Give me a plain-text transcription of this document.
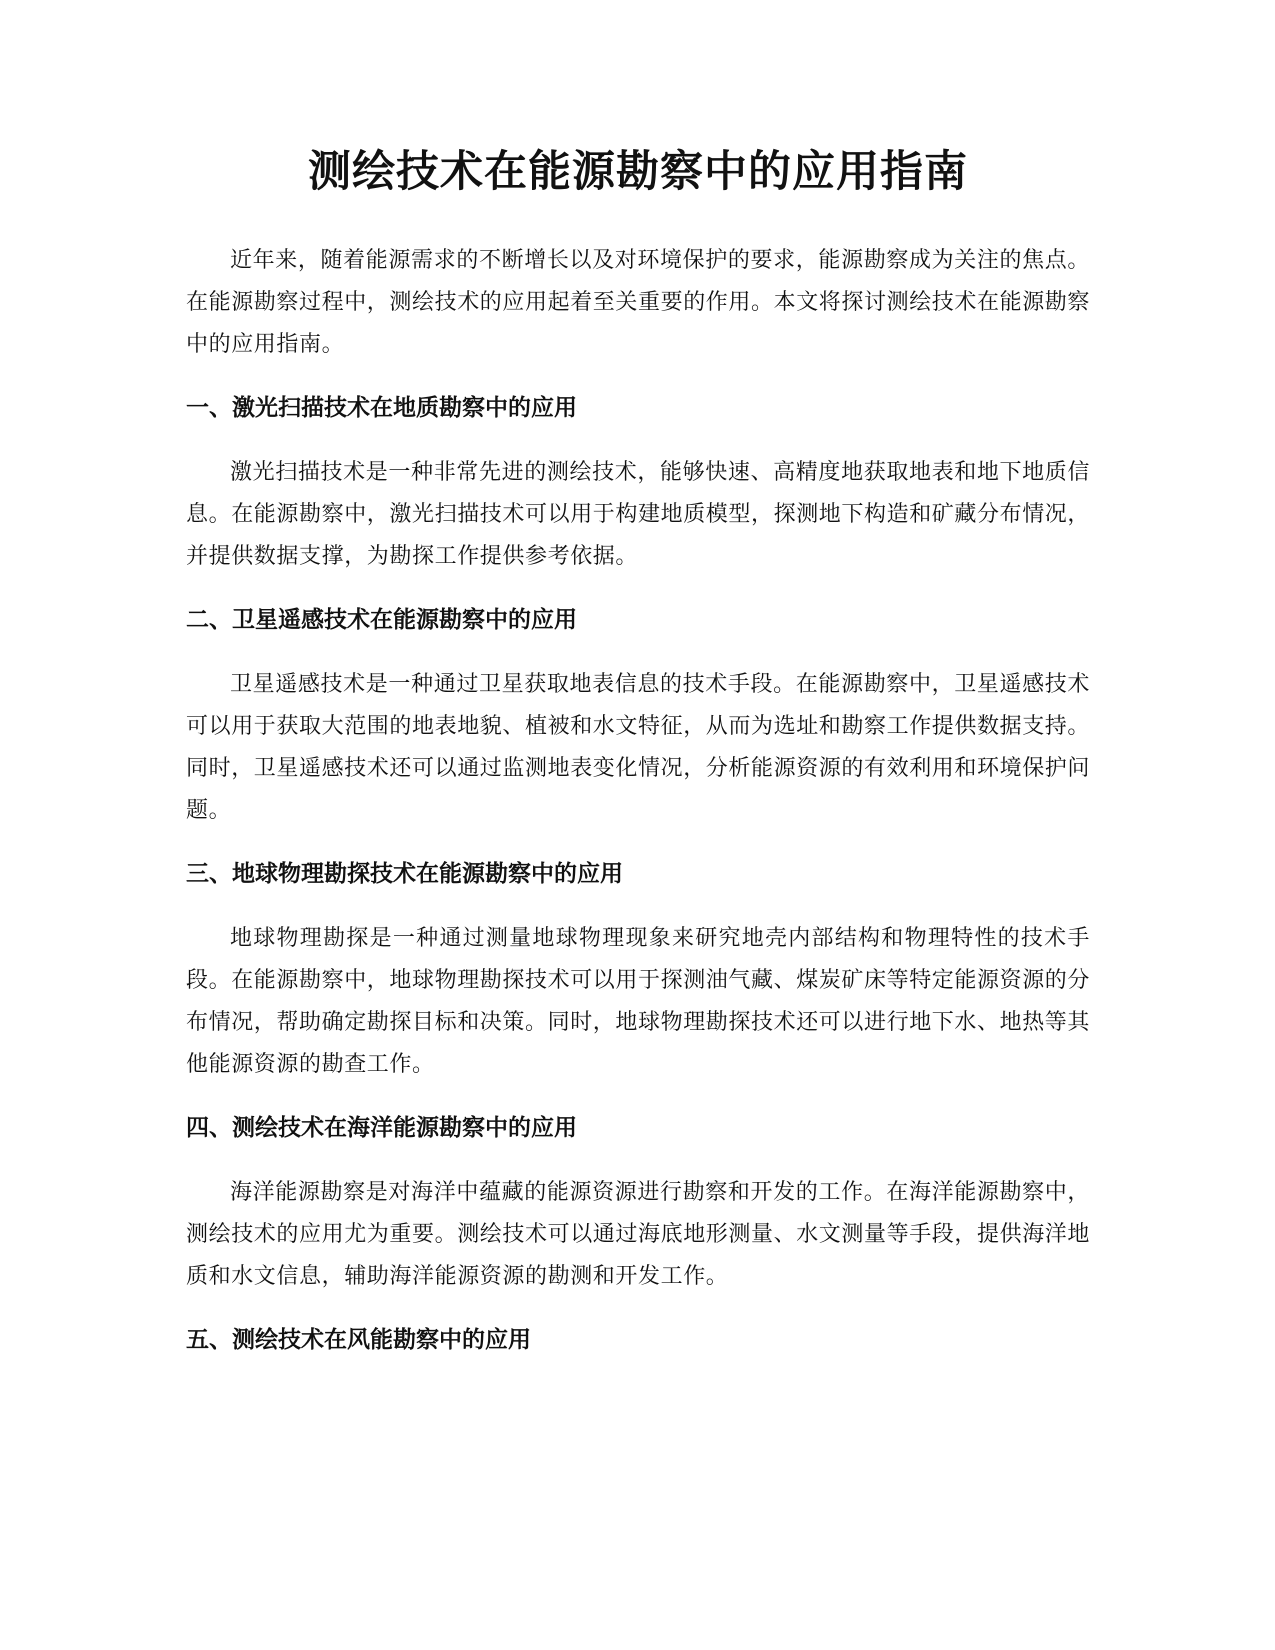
测绘技术在能源勘察中的应用指南

近年来，随着能源需求的不断增长以及对环境保护的要求，能源勘察成为关注的焦点。在能源勘察过程中，测绘技术的应用起着至关重要的作用。本文将探讨测绘技术在能源勘察中的应用指南。

一、激光扫描技术在地质勘察中的应用

激光扫描技术是一种非常先进的测绘技术，能够快速、高精度地获取地表和地下地质信息。在能源勘察中，激光扫描技术可以用于构建地质模型，探测地下构造和矿藏分布情况，并提供数据支撑，为勘探工作提供参考依据。

二、卫星遥感技术在能源勘察中的应用

卫星遥感技术是一种通过卫星获取地表信息的技术手段。在能源勘察中，卫星遥感技术可以用于获取大范围的地表地貌、植被和水文特征，从而为选址和勘察工作提供数据支持。同时，卫星遥感技术还可以通过监测地表变化情况，分析能源资源的有效利用和环境保护问题。

三、地球物理勘探技术在能源勘察中的应用

地球物理勘探是一种通过测量地球物理现象来研究地壳内部结构和物理特性的技术手段。在能源勘察中，地球物理勘探技术可以用于探测油气藏、煤炭矿床等特定能源资源的分布情况，帮助确定勘探目标和决策。同时，地球物理勘探技术还可以进行地下水、地热等其他能源资源的勘查工作。

四、测绘技术在海洋能源勘察中的应用

海洋能源勘察是对海洋中蕴藏的能源资源进行勘察和开发的工作。在海洋能源勘察中，测绘技术的应用尤为重要。测绘技术可以通过海底地形测量、水文测量等手段，提供海洋地质和水文信息，辅助海洋能源资源的勘测和开发工作。

五、测绘技术在风能勘察中的应用
